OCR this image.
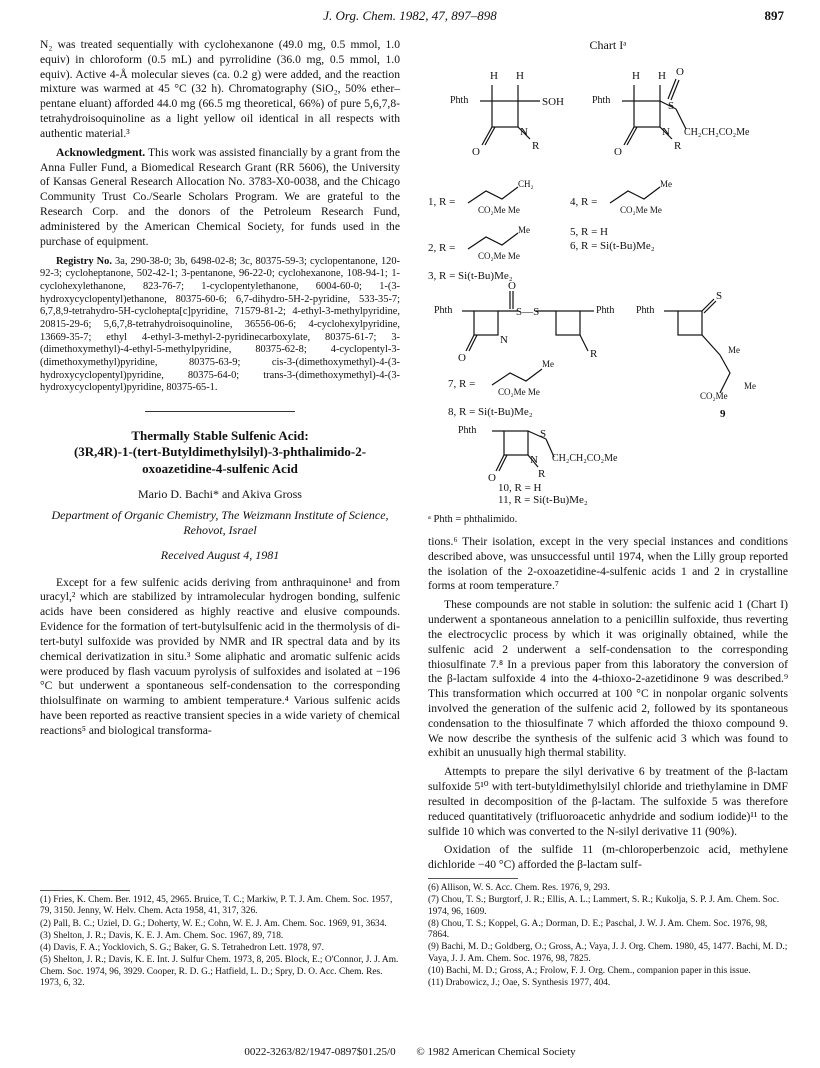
J. Org. Chem. 1982, 47, 897–898	897

N₂ was treated sequentially with cyclohexanone (49.0 mg, 0.5 mmol, 1.0 equiv) in chloroform (0.5 mL) and pyrrolidine (36.0 mg, 0.5 mmol, 1.0 equiv). Active 4-Å molecular sieves (ca. 0.2 g) were added, and the reaction mixture was warmed at 45 °C (32 h). Chromatography (SiO₂, 50% ether–pentane eluant) afforded 44.0 mg (66.5 mg theoretical, 66%) of pure 5,6,7,8-tetrahydroisoquinoline as a light yellow oil identical in all respects with authentic material.³

Acknowledgment. This work was assisted financially by a grant from the Anna Fuller Fund, a Biomedical Research Grant (RR 5606), the University of Kansas General Research Allocation No. 3783-X0-0038, and the Chicago Community Trust Co./Searle Scholars Program. We are grateful to the Research Corp. and the donors of the Petroleum Research Fund, administered by the American Chemical Society, for funds used in the purchase of equipment.

Registry No. 3a, 290-38-0; 3b, 6498-02-8; 3c, 80375-59-3; cyclopentanone, 120-92-3; cycloheptanone, 502-42-1; 3-pentanone, 96-22-0; cyclohexanone, 108-94-1; 1-cyclohexylethanone, 823-76-7; 1-cyclopentylethanone, 6004-60-0; 1-(3-hydroxycyclopentyl)ethanone, 80375-60-6; 6,7-dihydro-5H-2-pyridine, 533-35-7; 6,7,8,9-tetrahydro-5H-cyclohepta[c]pyridine, 71579-81-2; 4-ethyl-3-methylpyridine, 20815-29-6; 5,6,7,8-tetrahydroisoquinoline, 36556-06-6; 4-cyclohexylpyridine, 13669-35-7; ethyl 4-ethyl-3-methyl-2-pyridinecarboxylate, 80375-61-7; 3-(dimethoxymethyl)-4-ethyl-5-methylpyridine, 80375-62-8; 4-cyclopentyl-3-(dimethoxymethyl)pyridine, 80375-63-9; cis-3-(dimethoxymethyl)-4-(3-hydroxycyclopentyl)pyridine, 80375-64-0; trans-3-(dimethoxymethyl)-4-(3-hydroxycyclopentyl)pyridine, 80375-65-1.

Thermally Stable Sulfenic Acid:
(3R,4R)-1-(tert-Butyldimethylsilyl)-3-phthalimido-2-oxoazetidine-4-sulfenic Acid
Mario D. Bachi* and Akiva Gross
Department of Organic Chemistry, The Weizmann Institute of Science, Rehovot, Israel
Received August 4, 1981

Except for a few sulfenic acids deriving from anthraquinone¹ and from uracyl,² which are stabilized by intramolecular hydrogen bonding, sulfenic acids have been considered as highly reactive and elusive compounds. Evidence for the formation of tert-butylsulfenic acid in the thermolysis of di-tert-butyl sulfoxide was provided by NMR and IR spectral data and by its chemical derivatization in situ.³ Some aliphatic and aromatic sulfenic acids were produced by flash vacuum pyrolysis of sulfoxides and isolated at −196 °C but underwent a spontaneous self-condensation to the corresponding thiolsulfinate on warming to ambient temperature.⁴ Various sulfenic acids have been reported as reactive transient species in a wide variety of chemical reactions⁵ and biological transforma-

(1) Fries, K. Chem. Ber. 1912, 45, 2965. Bruice, T. C.; Markiw, P. T. J. Am. Chem. Soc. 1957, 79, 3150. Jenny, W. Helv. Chem. Acta 1958, 41, 317, 326.

(2) Pall, B. C.; Uziel, D. G.; Doherty, W. E.; Cohn, W. E. J. Am. Chem. Soc. 1969, 91, 3634.

(3) Shelton, J. R.; Davis, K. E. J. Am. Chem. Soc. 1967, 89, 718.

(4) Davis, F. A.; Yocklovich, S. G.; Baker, G. S. Tetrahedron Lett. 1978, 97.

(5) Shelton, J. R.; Davis, K. E. Int. J. Sulfur Chem. 1973, 8, 205. Block, E.; O'Connor, J. J. Am. Chem. Soc. 1974, 96, 3929. Cooper, R. D. G.; Hatfield, L. D.; Spry, D. O. Acc. Chem. Res. 1973, 6, 32.

Chart Iᵃ
H H
Phth	SOH
N
O	R
H H O
Phth	S
N CH₂CH₂CO₂Me
O	R
CH₂
CO₂Me Me
1, R =
Me
CO₂Me Me
2, R =
3, R = Si(t-Bu)Me₂
Me
CO₂Me Me
4, R =
5, R = H
6, R = Si(t-Bu)Me₂
Phth	S—S	Phth
O
O
N
R
Me
CO₂Me Me
7, R =
8, R = Si(t-Bu)Me₂
Phth
S
Me
CO₂Me
Me
9
Phth	S
N CH₂CH₂CO₂Me
O	R
10, R = H
11, R = Si(t-Bu)Me₂

ᵃ Phth = phthalimido.

tions.⁶ Their isolation, except in the very special instances and conditions described above, was unsuccessful until 1974, when the Lilly group reported the isolation of the 2-oxoazetidine-4-sulfenic acids 1 and 2 in crystalline forms at room temperature.⁷

These compounds are not stable in solution: the sulfenic acid 1 (Chart I) underwent a spontaneous annelation to a penicillin sulfoxide, thus reverting the electrocyclic process by which it was originally obtained, while the sulfenic acid 2 underwent a self-condensation to the corresponding thiosulfinate 7.⁸ In a previous paper from this laboratory the conversion of the β-lactam sulfoxide 4 into the 4-thioxo-2-azetidinone 9 was described.⁹ This transformation which occurred at 100 °C in nonpolar organic solvents involved the generation of the sulfenic acid 2, followed by its spontaneous condensation to the thiosulfinate 7 which afforded the thioxo compound 9. We now describe the synthesis of the sulfenic acid 3 which was found to exhibit an unusually high thermal stability.

Attempts to prepare the silyl derivative 6 by treatment of the β-lactam sulfoxide 5¹⁰ with tert-butyldimethylsilyl chloride and triethylamine in DMF resulted in decomposition of the β-lactam. The sulfoxide 5 was therefore reduced quantitatively (trifluoroacetic anhydride and sodium iodide)¹¹ to the sulfide 10 which was converted to the N-silyl derivative 11 (90%).

Oxidation of the sulfide 11 (m-chloroperbenzoic acid, methylene dichloride −40 °C) afforded the β-lactam sulf-

(6) Allison, W. S. Acc. Chem. Res. 1976, 9, 293.

(7) Chou, T. S.; Burgtorf, J. R.; Ellis, A. L.; Lammert, S. R.; Kukolja, S. P. J. Am. Chem. Soc. 1974, 96, 1609.

(8) Chou, T. S.; Koppel, G. A.; Dorman, D. E.; Paschal, J. W. J. Am. Chem. Soc. 1976, 98, 7864.

(9) Bachi, M. D.; Goldberg, O.; Gross, A.; Vaya, J. J. Org. Chem. 1980, 45, 1477. Bachi, M. D.; Vaya, J. J. Am. Chem. Soc. 1976, 98, 7825.

(10) Bachi, M. D.; Gross, A.; Frolow, F. J. Org. Chem., companion paper in this issue.

(11) Drabowicz, J.; Oae, S. Synthesis 1977, 404.

0022-3263/82/1947-0897$01.25/0 © 1982 American Chemical Society
